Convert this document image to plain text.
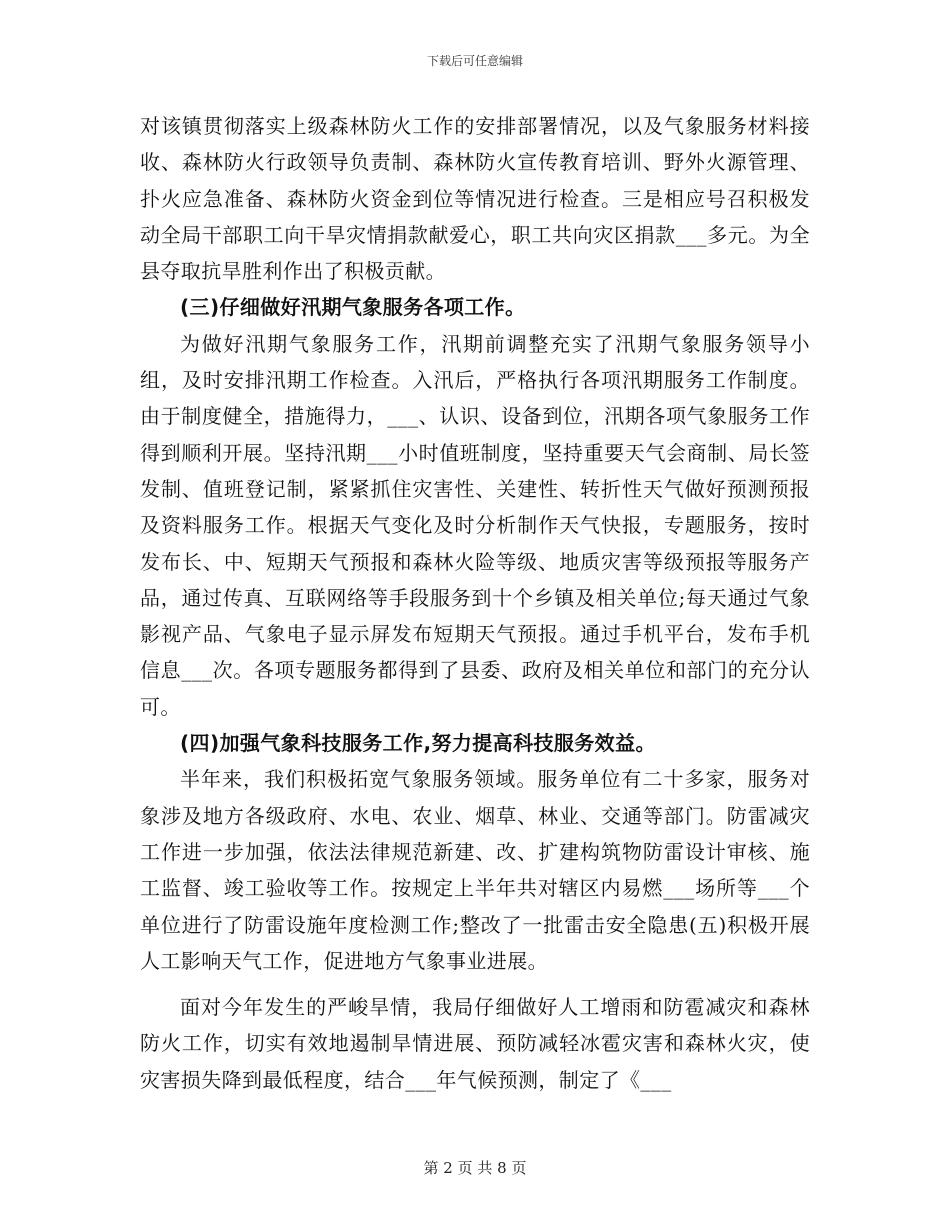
下载后可任意编辑

对该镇贯彻落实上级森林防火工作的安排部署情况，以及气象服务材料接收、森林防火行政领导负责制、森林防火宣传教育培训、野外火源管理、扑火应急准备、森林防火资金到位等情况进行检查。三是相应号召积极发动全局干部职工向干旱灾情捐款献爱心，职工共向灾区捐款___多元。为全县夺取抗旱胜利作出了积极贡献。

(三)仔细做好汛期气象服务各项工作。

为做好汛期气象服务工作，汛期前调整充实了汛期气象服务领导小组，及时安排汛期工作检查。入汛后，严格执行各项汛期服务工作制度。由于制度健全，措施得力，___、认识、设备到位，汛期各项气象服务工作得到顺利开展。坚持汛期___小时值班制度，坚持重要天气会商制、局长签发制、值班登记制，紧紧抓住灾害性、关建性、转折性天气做好预测预报及资料服务工作。根据天气变化及时分析制作天气快报，专题服务，按时发布长、中、短期天气预报和森林火险等级、地质灾害等级预报等服务产品，通过传真、互联网络等手段服务到十个乡镇及相关单位;每天通过气象影视产品、气象电子显示屏发布短期天气预报。通过手机平台，发布手机信息___次。各项专题服务都得到了县委、政府及相关单位和部门的充分认可。

(四)加强气象科技服务工作,努力提高科技服务效益。

半年来，我们积极拓宽气象服务领域。服务单位有二十多家，服务对象涉及地方各级政府、水电、农业、烟草、林业、交通等部门。防雷减灾工作进一步加强，依法法律规范新建、改、扩建构筑物防雷设计审核、施工监督、竣工验收等工作。按规定上半年共对辖区内易燃___场所等___个单位进行了防雷设施年度检测工作;整改了一批雷击安全隐患(五)积极开展人工影响天气工作，促进地方气象事业进展。

面对今年发生的严峻旱情，我局仔细做好人工增雨和防雹减灾和森林防火工作，切实有效地遏制旱情进展、预防减轻冰雹灾害和森林火灾，使灾害损失降到最低程度，结合___年气候预测，制定了《___

第 2 页 共 8 页
